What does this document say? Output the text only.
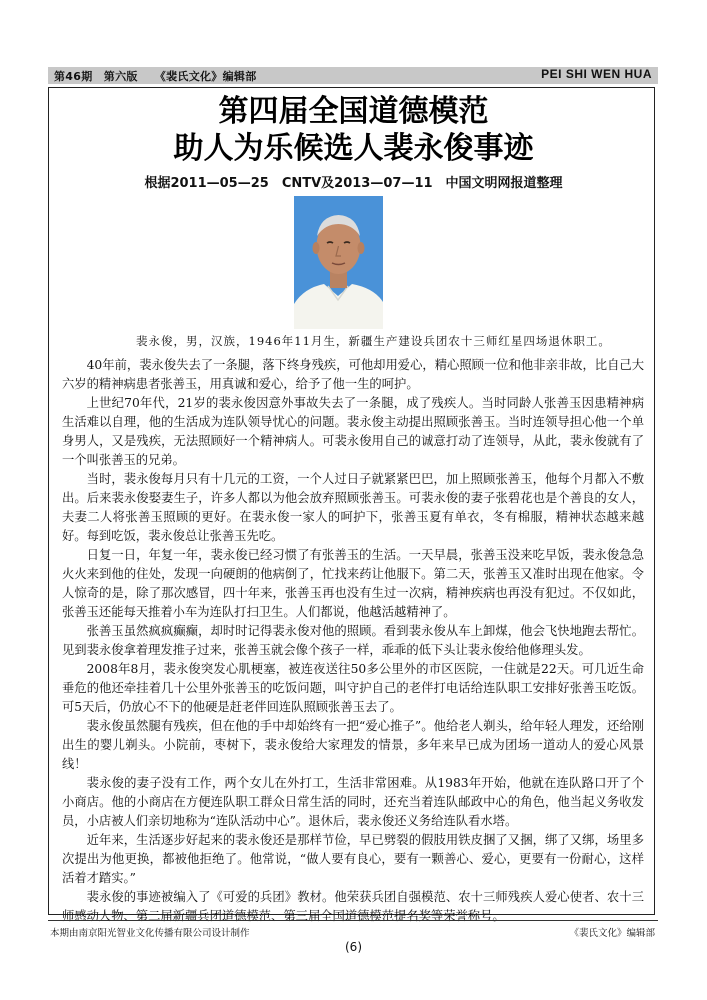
第46期　第六版　　《裴氏文化》编辑部	PEI SHI WEN HUA
第四届全国道德模范
助人为乐候选人裴永俊事迹
根据2011—05—25　CNTV及2013—07—11　中国文明网报道整理
裴永俊，男，汉族，1946年11月生，新疆生产建设兵团农十三师红星四场退休职工。

40年前，裴永俊失去了一条腿，落下终身残疾，可他却用爱心，精心照顾一位和他非亲非故，比自己大六岁的精神病患者张善玉，用真诚和爱心，给予了他一生的呵护。

上世纪70年代，21岁的裴永俊因意外事故失去了一条腿，成了残疾人。当时同龄人张善玉因患精神病生活难以自理，他的生活成为连队领导忧心的问题。裴永俊主动提出照顾张善玉。当时连领导担心他一个单身男人，又是残疾，无法照顾好一个精神病人。可裴永俊用自己的诚意打动了连领导，从此，裴永俊就有了一个叫张善玉的兄弟。

当时，裴永俊每月只有十几元的工资，一个人过日子就紧紧巴巴，加上照顾张善玉，他每个月都入不敷出。后来裴永俊娶妻生子，许多人都以为他会放弃照顾张善玉。可裴永俊的妻子张碧花也是个善良的女人，夫妻二人将张善玉照顾的更好。在裴永俊一家人的呵护下，张善玉夏有单衣，冬有棉服，精神状态越来越好。每到吃饭，裴永俊总让张善玉先吃。

日复一日，年复一年，裴永俊已经习惯了有张善玉的生活。一天早晨，张善玉没来吃早饭，裴永俊急急火火来到他的住处，发现一向硬朗的他病倒了，忙找来药让他服下。第二天，张善玉又准时出现在他家。令人惊奇的是，除了那次感冒，四十年来，张善玉再也没有生过一次病，精神疾病也再没有犯过。不仅如此，张善玉还能每天推着小车为连队打扫卫生。人们都说，他越活越精神了。

张善玉虽然疯疯癫癫，却时时记得裴永俊对他的照顾。看到裴永俊从车上卸煤，他会飞快地跑去帮忙。见到裴永俊拿着理发推子过来，张善玉就会像个孩子一样，乖乖的低下头让裴永俊给他修理头发。

2008年8月，裴永俊突发心肌梗塞，被连夜送往50多公里外的市区医院，一住就是22天。可几近生命垂危的他还牵挂着几十公里外张善玉的吃饭问题，叫守护自己的老伴打电话给连队职工安排好张善玉吃饭。可5天后，仍放心不下的他硬是赶老伴回连队照顾张善玉去了。

裴永俊虽然腿有残疾，但在他的手中却始终有一把“爱心推子”。他给老人剃头，给年轻人理发，还给刚出生的婴儿剃头。小院前，枣树下，裴永俊给大家理发的情景，多年来早已成为团场一道动人的爱心风景线！

裴永俊的妻子没有工作，两个女儿在外打工，生活非常困难。从1983年开始，他就在连队路口开了个小商店。他的小商店在方便连队职工群众日常生活的同时，还充当着连队邮政中心的角色，他当起义务收发员，小店被人们亲切地称为“连队活动中心”。退休后，裴永俊还义务给连队看水塔。

近年来，生活逐步好起来的裴永俊还是那样节俭，早已劈裂的假肢用铁皮捆了又捆，绑了又绑，场里多次提出为他更换，都被他拒绝了。他常说，“做人要有良心，要有一颗善心、爱心，更要有一份耐心，这样活着才踏实。”

裴永俊的事迹被编入了《可爱的兵团》教材。他荣获兵团自强模范、农十三师残疾人爱心使者、农十三师感动人物、第二届新疆兵团道德模范、第三届全国道德模范提名奖等荣誉称号。

本期由南京阳光智业文化传播有限公司设计制作	《裴氏文化》编辑部
(6)
